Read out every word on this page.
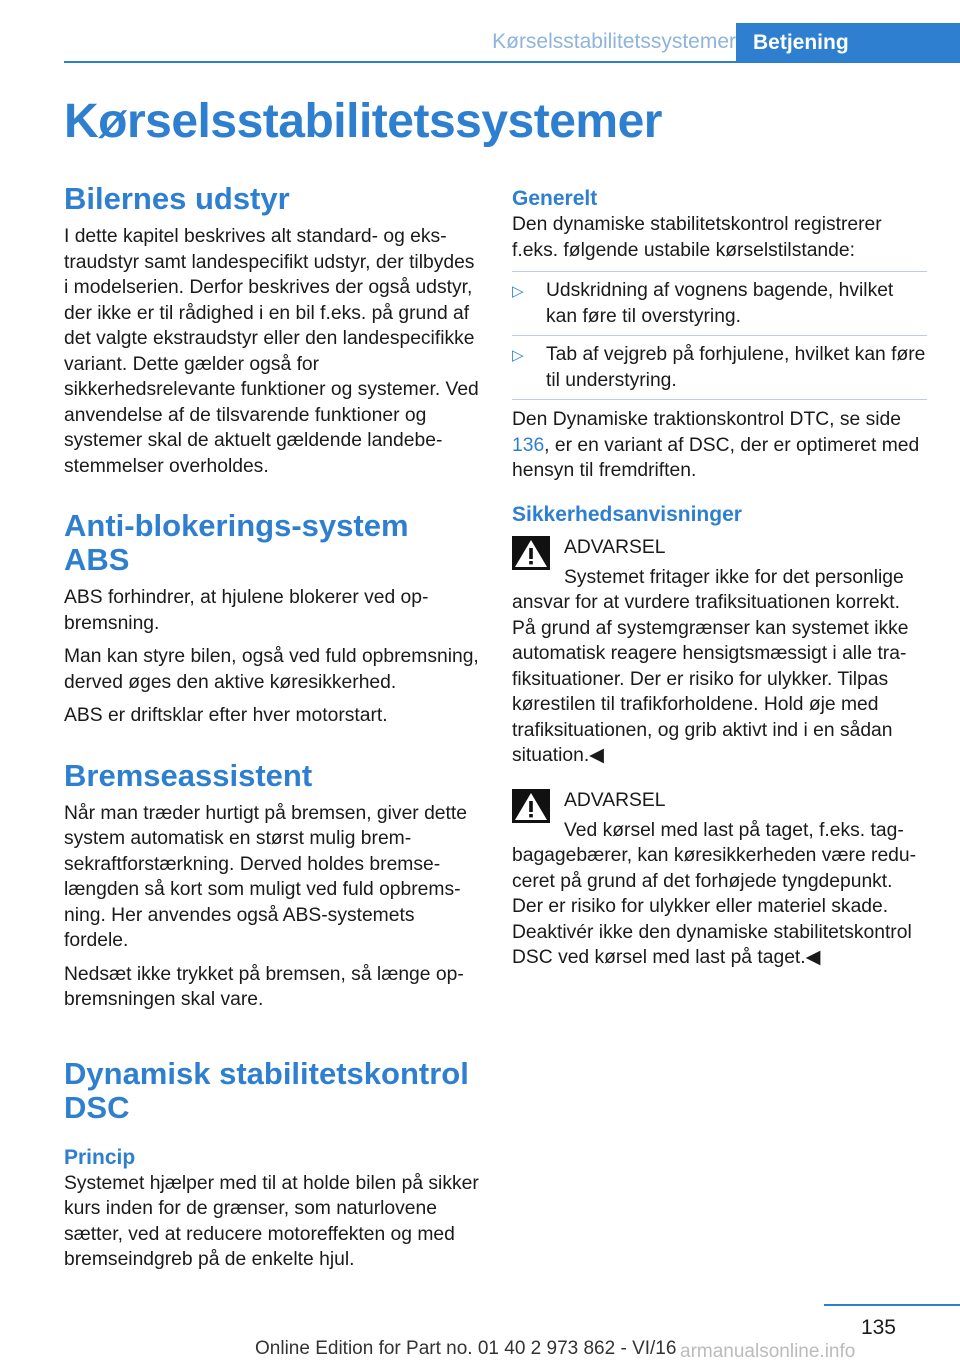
Kørselsstabilitetssystemer Betjening
Kørselsstabilitetssystemer
Bilernes udstyr

I dette kapitel beskrives alt standard- og ekstraudstyr samt landespecifikt udstyr, der tilbydes i modelserien. Derfor beskrives der også udstyr, der ikke er til rådighed i en bil f.eks. på grund af det valgte ekstraudstyr eller den landespecifikke variant. Dette gælder også for sikkerhedsrelevante funktioner og systemer. Ved anvendelse af de tilsvarende funktioner og systemer skal de aktuelt gældende landebestemmelser overholdes.

Anti-blokerings-system ABS

ABS forhindrer, at hjulene blokerer ved opbremsning.

Man kan styre bilen, også ved fuld opbremsning, derved øges den aktive køresikkerhed.

ABS er driftsklar efter hver motorstart.

Bremseassistent

Når man træder hurtigt på bremsen, giver dette system automatisk en størst mulig bremsekraftforstærkning. Derved holdes bremselængden så kort som muligt ved fuld opbremsning. Her anvendes også ABS-systemets fordele.

Nedsæt ikke trykket på bremsen, så længe opbremsningen skal vare.

Dynamisk stabilitetskontrol DSC
Princip

Systemet hjælper med til at holde bilen på sikker kurs inden for de grænser, som naturlovene sætter, ved at reducere motoreffekten og med bremseindgreb på de enkelte hjul.

Generelt

Den dynamiske stabilitetskontrol registrerer f.eks. følgende ustabile kørselstilstande:

▷ Udskridning af vognens bagende, hvilket kan føre til overstyring.
▷ Tab af vejgreb på forhjulene, hvilket kan føre til understyring.

Den Dynamiske traktionskontrol DTC, se side 136, er en variant af DSC, der er optimeret med hensyn til fremdriften.

Sikkerhedsanvisninger

ADVARSEL

Systemet fritager ikke for det personlige ansvar for at vurdere trafiksituationen korrekt. På grund af systemgrænser kan systemet ikke automatisk reagere hensigtsmæssigt i alle trafiksituationer. Der er risiko for ulykker. Tilpas kørestilen til trafikforholdene. Hold øje med trafiksituationen, og grib aktivt ind i en sådan situation.◀

ADVARSEL

Ved kørsel med last på taget, f.eks. tagbagagebærer, kan køresikkerheden være reduceret på grund af det forhøjede tyngdepunkt. Der er risiko for ulykker eller materiel skade. Deaktivér ikke den dynamiske stabilitetskontrol DSC ved kørsel med last på taget.◀

135
Online Edition for Part no. 01 40 2 973 862 - VI/16 armanualsonline.info
